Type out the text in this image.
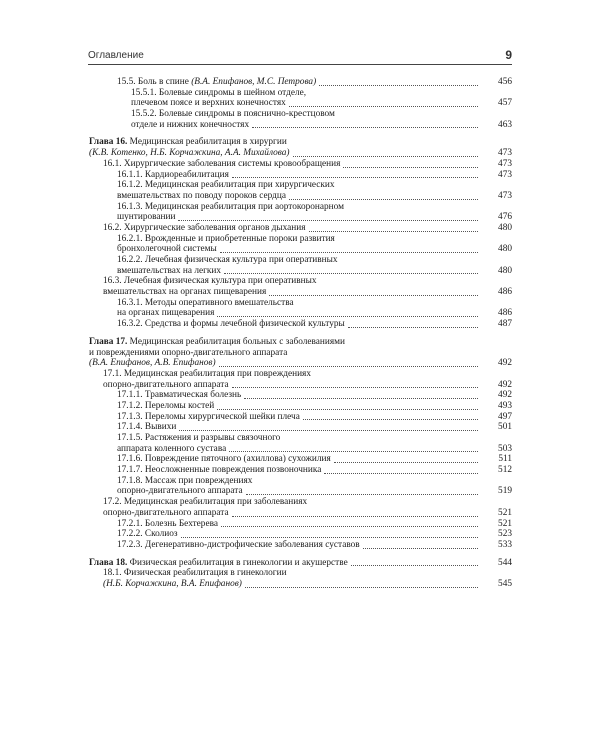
Оглавление	9
15.5. Боль в спине (В.А. Епифанов, М.С. Петрова)	456
15.5.1. Болевые синдромы в шейном отделе,
плечевом поясе и верхних конечностях	457
15.5.2. Болевые синдромы в пояснично-крестцовом
отделе и нижних конечностях	463
Глава 16. Медицинская реабилитация в хирургии
(К.В. Котенко, Н.Б. Корчажкина, А.А. Михайлова)	473
16.1. Хирургические заболевания системы кровообращения	473
16.1.1. Кардиореабилитация	473
16.1.2. Медицинская реабилитация при хирургических
вмешательствах по поводу пороков сердца	473
16.1.3. Медицинская реабилитация при аортокоронарном
шунтировании	476
16.2. Хирургические заболевания органов дыхания	480
16.2.1. Врожденные и приобретенные пороки развития
бронхолегочной системы	480
16.2.2. Лечебная физическая культура при оперативных
вмешательствах на легких	480
16.3. Лечебная физическая культура при оперативных
вмешательствах на органах пищеварения	486
16.3.1. Методы оперативного вмешательства
на органах пищеварения	486
16.3.2. Средства и формы лечебной физической культуры	487
Глава 17. Медицинская реабилитация больных с заболеваниями
и повреждениями опорно-двигательного аппарата
(В.А. Епифанов, А.В. Епифанов)	492
17.1. Медицинская реабилитация при повреждениях
опорно-двигательного аппарата	492
17.1.1. Травматическая болезнь	492
17.1.2. Переломы костей	493
17.1.3. Переломы хирургической шейки плеча	497
17.1.4. Вывихи	501
17.1.5. Растяжения и разрывы связочного
аппарата коленного сустава	503
17.1.6. Повреждение пяточного (ахиллова) сухожилия	511
17.1.7. Неосложненные повреждения позвоночника	512
17.1.8. Массаж при повреждениях
опорно-двигательного аппарата	519
17.2. Медицинская реабилитация при заболеваниях
опорно-двигательного аппарата	521
17.2.1. Болезнь Бехтерева	521
17.2.2. Сколиоз	523
17.2.3. Дегенеративно-дистрофические заболевания суставов	533
Глава 18. Физическая реабилитация в гинекологии и акушерстве	544
18.1. Физическая реабилитация в гинекологии
(Н.Б. Корчажкина, В.А. Епифанов)	545
